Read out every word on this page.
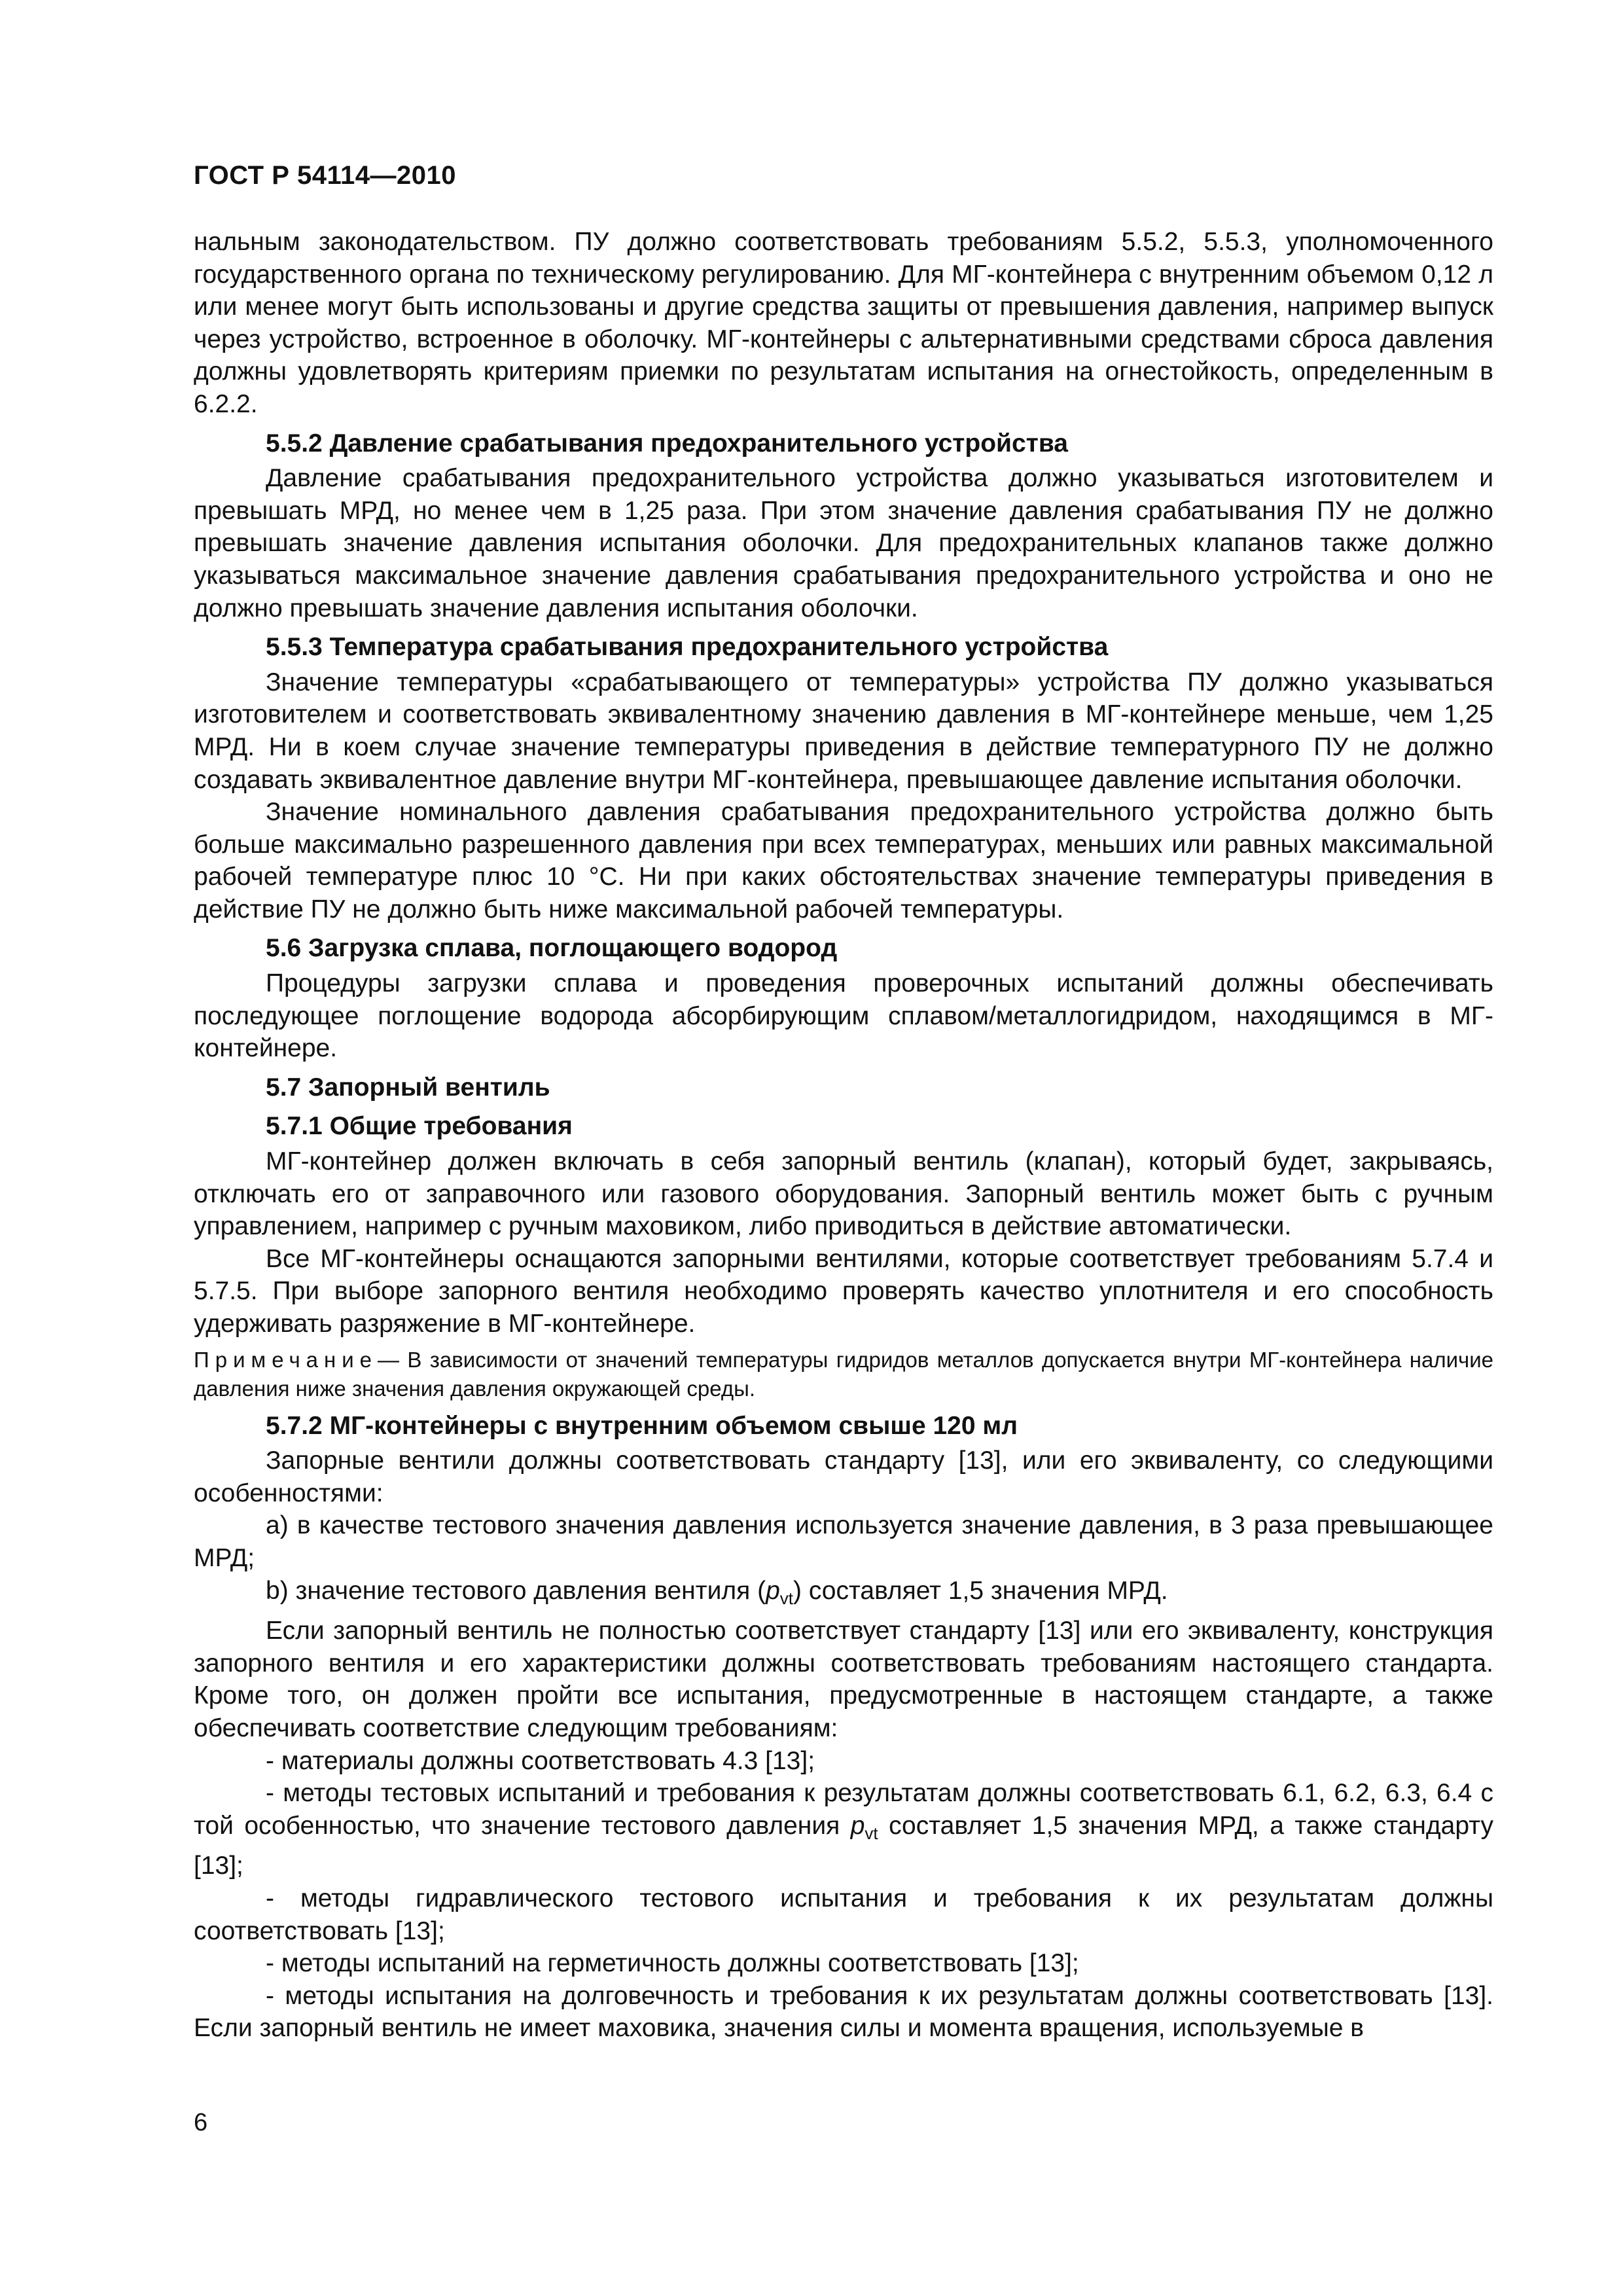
ГОСТ Р 54114—2010

нальным законодательством. ПУ должно соответствовать требованиям 5.5.2, 5.5.3, уполномоченного государственного органа по техническому регулированию. Для МГ-контейнера с внутренним объемом 0,12 л или менее могут быть использованы и другие средства защиты от превышения давления, например выпуск через устройство, встроенное в оболочку. МГ-контейнеры с альтернативными средствами сброса давления должны удовлетворять критериям приемки по результатам испытания на огнестойкость, определенным в 6.2.2.

5.5.2 Давление срабатывания предохранительного устройства

Давление срабатывания предохранительного устройства должно указываться изготовителем и превышать МРД, но менее чем в 1,25 раза. При этом значение давления срабатывания ПУ не должно превышать значение давления испытания оболочки. Для предохранительных клапанов также должно указываться максимальное значение давления срабатывания предохранительного устройства и оно не должно превышать значение давления испытания оболочки.

5.5.3 Температура срабатывания предохранительного устройства

Значение температуры «срабатывающего от температуры» устройства ПУ должно указываться изготовителем и соответствовать эквивалентному значению давления в МГ-контейнере меньше, чем 1,25 МРД. Ни в коем случае значение температуры приведения в действие температурного ПУ не должно создавать эквивалентное давление внутри МГ-контейнера, превышающее давление испытания оболочки.

Значение номинального давления срабатывания предохранительного устройства должно быть больше максимально разрешенного давления при всех температурах, меньших или равных максимальной рабочей температуре плюс 10 °С. Ни при каких обстоятельствах значение температуры приведения в действие ПУ не должно быть ниже максимальной рабочей температуры.

5.6 Загрузка сплава, поглощающего водород

Процедуры загрузки сплава и проведения проверочных испытаний должны обеспечивать последующее поглощение водорода абсорбирующим сплавом/металлогидридом, находящимся в МГ-контейнере.

5.7 Запорный вентиль

5.7.1 Общие требования

МГ-контейнер должен включать в себя запорный вентиль (клапан), который будет, закрываясь, отключать его от заправочного или газового оборудования. Запорный вентиль может быть с ручным управлением, например с ручным маховиком, либо приводиться в действие автоматически.

Все МГ-контейнеры оснащаются запорными вентилями, которые соответствует требованиям 5.7.4 и 5.7.5. При выборе запорного вентиля необходимо проверять качество уплотнителя и его способность удерживать разряжение в МГ-контейнере.

Примечание— В зависимости от значений температуры гидридов металлов допускается внутри МГ-контейнера наличие давления ниже значения давления окружающей среды.

5.7.2 МГ-контейнеры с внутренним объемом свыше 120 мл

Запорные вентили должны соответствовать стандарту [13], или его эквиваленту, со следующими особенностями:

a) в качестве тестового значения давления используется значение давления, в 3 раза превышающее МРД;

b) значение тестового давления вентиля $(p_{vt})$ составляет 1,5 значения МРД.

Если запорный вентиль не полностью соответствует стандарту [13] или его эквиваленту, конструкция запорного вентиля и его характеристики должны соответствовать требованиям настоящего стандарта. Кроме того, он должен пройти все испытания, предусмотренные в настоящем стандарте, а также обеспечивать соответствие следующим требованиям:

- материалы должны соответствовать 4.3 [13];

- методы тестовых испытаний и требования к результатам должны соответствовать 6.1, 6.2, 6.3, 6.4 с той особенностью, что значение тестового давления $p_{vt}$ составляет 1,5 значения МРД, а также стандарту [13];

- методы гидравлического тестового испытания и требования к их результатам должны соответствовать [13];

- методы испытаний на герметичность должны соответствовать [13];

- методы испытания на долговечность и требования к их результатам должны соответствовать [13]. Если запорный вентиль не имеет маховика, значения силы и момента вращения, используемые в

6
